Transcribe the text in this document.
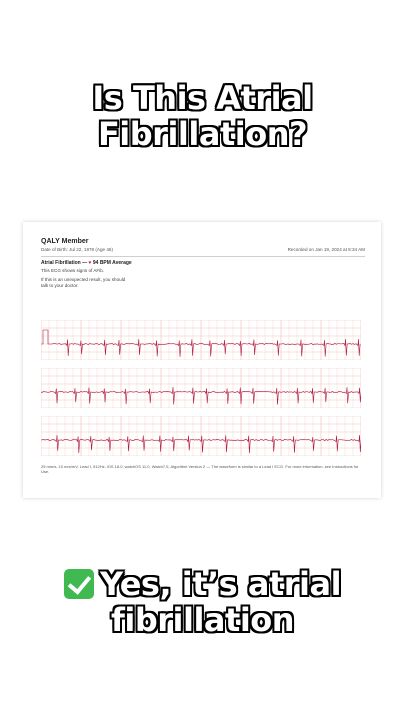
Is This Atrial
Fibrillation?
QALY Member
Date of Birth: Jul 22, 1978 (Age 46)	Recorded on Jan 19, 2024 at 8:34 AM
Atrial Fibrillation — ♥ 94 BPM Average
This ECG shows signs of AFib.
If this is an unexpected result, you should
talk to your doctor.
25 mm/s, 10 mm/mV, Lead I, 512Hz, iOS 18.0, watchOS 11.0, Watch7,5, Algorithm Version 2 — The waveform is similar to a Lead I ECG. For more information, see Instructions for Use.
Yes, it’s atrial
fibrillation
